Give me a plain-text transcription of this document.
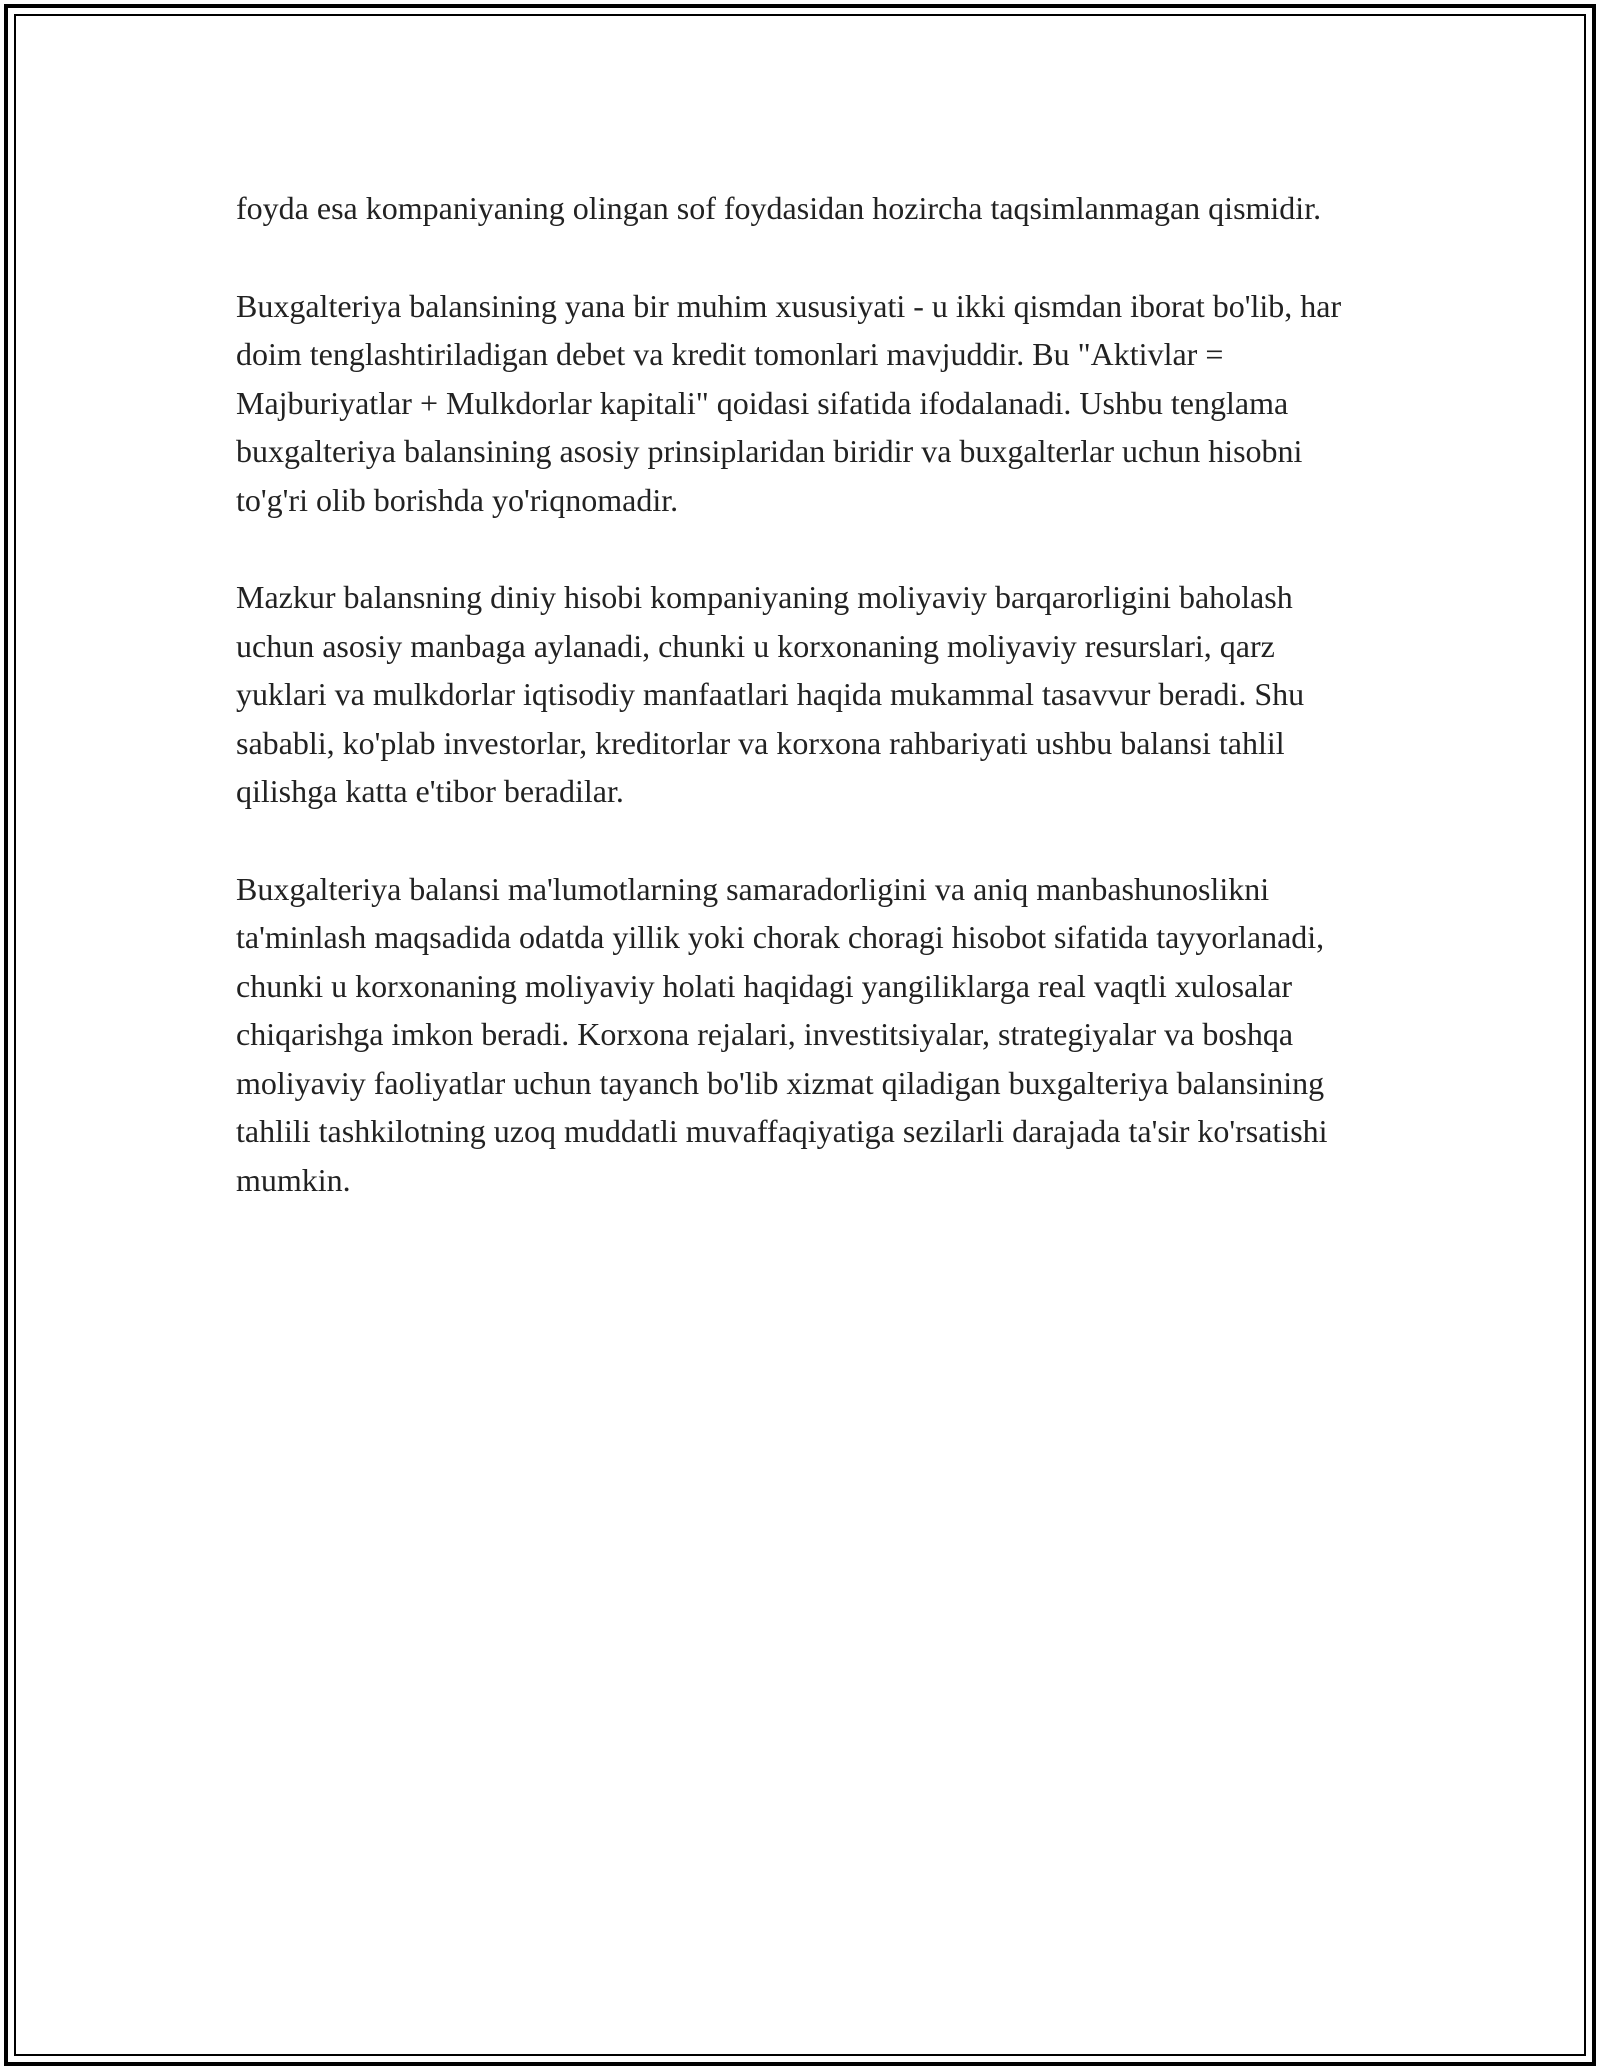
foyda esa kompaniyaning olingan sof foydasidan hozircha taqsimlanmagan qismidir.

Buxgalteriya balansining yana bir muhim xususiyati - u ikki qismdan iborat bo'lib, har doim tenglashtiriladigan debet va kredit tomonlari mavjuddir. Bu "Aktivlar = Majburiyatlar + Mulkdorlar kapitali" qoidasi sifatida ifodalanadi. Ushbu tenglama buxgalteriya balansining asosiy prinsiplaridan biridir va buxgalterlar uchun hisobni to'g'ri olib borishda yo'riqnomadir.

Mazkur balansning diniy hisobi kompaniyaning moliyaviy barqarorligini baholash uchun asosiy manbaga aylanadi, chunki u korxonaning moliyaviy resurslari, qarz yuklari va mulkdorlar iqtisodiy manfaatlari haqida mukammal tasavvur beradi. Shu sababli, ko'plab investorlar, kreditorlar va korxona rahbariyati ushbu balansi tahlil qilishga katta e'tibor beradilar.

Buxgalteriya balansi ma'lumotlarning samaradorligini va aniq manbashunoslikni ta'minlash maqsadida odatda yillik yoki chorak choragi hisobot sifatida tayyorlanadi, chunki u korxonaning moliyaviy holati haqidagi yangiliklarga real vaqtli xulosalar chiqarishga imkon beradi. Korxona rejalari, investitsiyalar, strategiyalar va boshqa moliyaviy faoliyatlar uchun tayanch bo'lib xizmat qiladigan buxgalteriya balansining tahlili tashkilotning uzoq muddatli muvaffaqiyatiga sezilarli darajada ta'sir ko'rsatishi mumkin.
